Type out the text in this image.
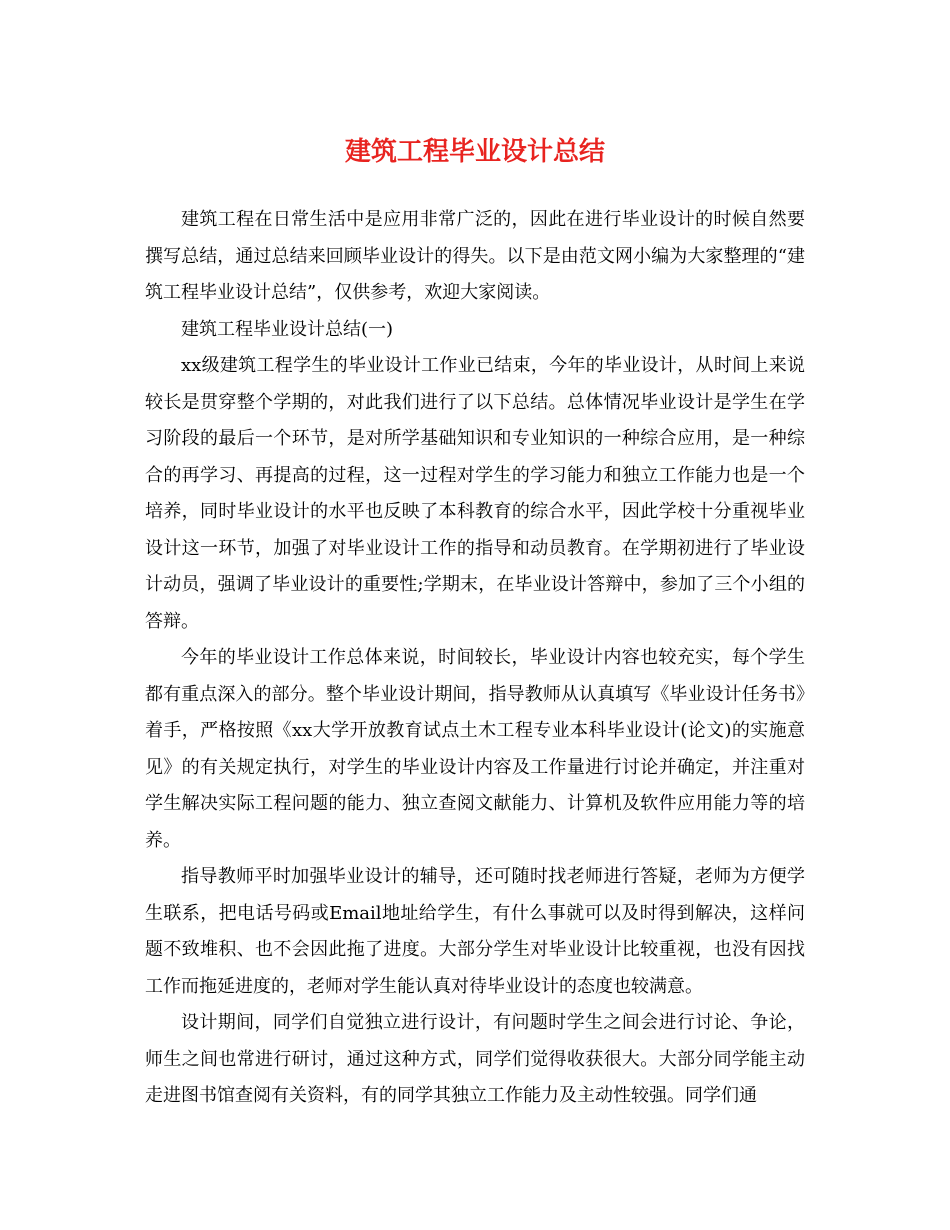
建筑工程毕业设计总结

建筑工程在日常生活中是应用非常广泛的，因此在进行毕业设计的时候自然要撰写总结，通过总结来回顾毕业设计的得失。以下是由范文网小编为大家整理的“建筑工程毕业设计总结”，仅供参考，欢迎大家阅读。

建筑工程毕业设计总结(一)

xx级建筑工程学生的毕业设计工作业已结束，今年的毕业设计，从时间上来说较长是贯穿整个学期的，对此我们进行了以下总结。总体情况毕业设计是学生在学习阶段的最后一个环节，是对所学基础知识和专业知识的一种综合应用，是一种综合的再学习、再提高的过程，这一过程对学生的学习能力和独立工作能力也是一个培养，同时毕业设计的水平也反映了本科教育的综合水平，因此学校十分重视毕业设计这一环节，加强了对毕业设计工作的指导和动员教育。在学期初进行了毕业设计动员，强调了毕业设计的重要性;学期末，在毕业设计答辩中，参加了三个小组的答辩。

今年的毕业设计工作总体来说，时间较长，毕业设计内容也较充实，每个学生都有重点深入的部分。整个毕业设计期间，指导教师从认真填写《毕业设计任务书》着手，严格按照《xx大学开放教育试点土木工程专业本科毕业设计(论文)的实施意见》的有关规定执行，对学生的毕业设计内容及工作量进行讨论并确定，并注重对学生解决实际工程问题的能力、独立查阅文献能力、计算机及软件应用能力等的培养。

指导教师平时加强毕业设计的辅导，还可随时找老师进行答疑，老师为方便学生联系，把电话号码或Email地址给学生，有什么事就可以及时得到解决，这样问题不致堆积、也不会因此拖了进度。大部分学生对毕业设计比较重视，也没有因找工作而拖延进度的，老师对学生能认真对待毕业设计的态度也较满意。

设计期间，同学们自觉独立进行设计，有问题时学生之间会进行讨论、争论，师生之间也常进行研讨，通过这种方式，同学们觉得收获很大。大部分同学能主动走进图书馆查阅有关资料，有的同学其独立工作能力及主动性较强。同学们通
